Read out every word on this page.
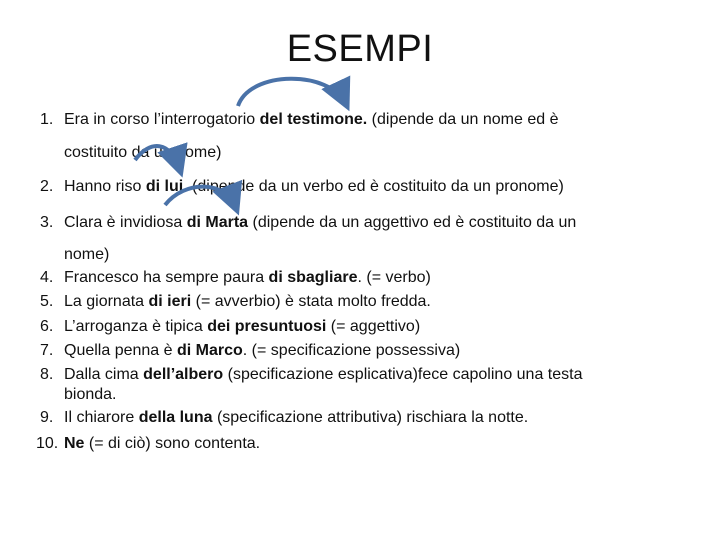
ESEMPI
1. Era in corso l’interrogatorio del testimone. (dipende da un nome ed è
costituito da un nome)
2. Hanno riso di lui. (dipende da un verbo ed è costituito da un pronome)
3. Clara è invidiosa di Marta (dipende da un aggettivo ed è costituito da un
nome)
4. Francesco ha sempre paura di sbagliare. (= verbo)
5. La giornata di ieri (= avverbio) è stata molto fredda.
6. L’arroganza è tipica dei presuntuosi (= aggettivo)
7. Quella penna è di Marco. (= specificazione possessiva)
8. Dalla cima dell’albero (specificazione esplicativa)fece capolino una testa
bionda.
9. Il chiarore della luna (specificazione attributiva) rischiara la notte.
10. Ne (= di ciò) sono contenta.
